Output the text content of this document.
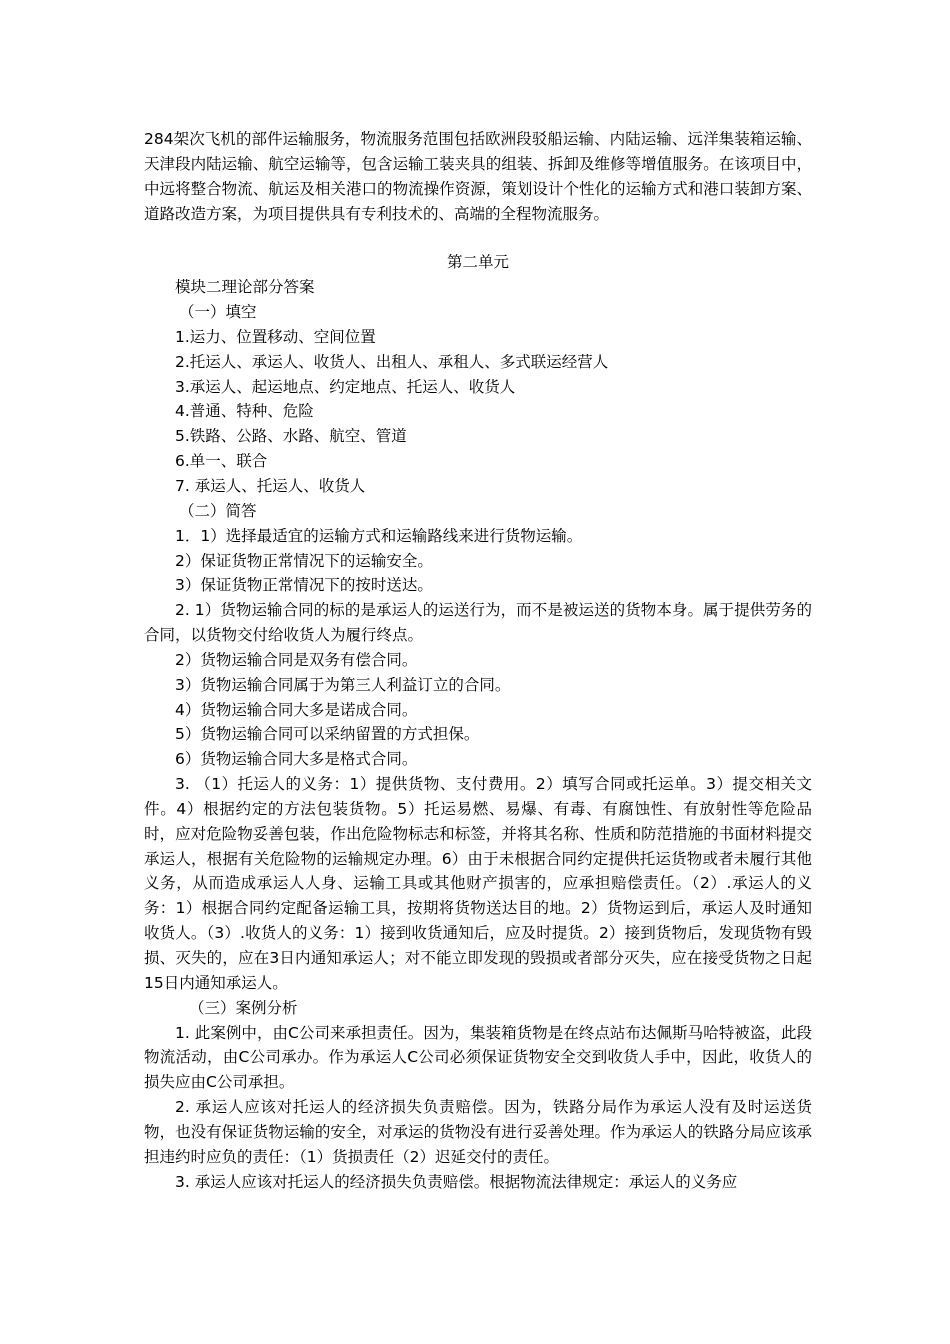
284架次飞机的部件运输服务，物流服务范围包括欧洲段驳船运输、内陆运输、远洋集装箱运输、天津段内陆运输、航空运输等，包含运输工装夹具的组装、拆卸及维修等增值服务。在该项目中，中远将整合物流、航运及相关港口的物流操作资源，策划设计个性化的运输方式和港口装卸方案、道路改造方案，为项目提供具有专利技术的、高端的全程物流服务。

第二单元

模块二理论部分答案

（一）填空

1.运力、位置移动、空间位置

2.托运人、承运人、收货人、出租人、承租人、多式联运经营人

3.承运人、起运地点、约定地点、托运人、收货人

4.普通、特种、危险

5.铁路、公路、水路、航空、管道

6.单一、联合

7. 承运人、托运人、收货人

（二）简答

1．1）选择最适宜的运输方式和运输路线来进行货物运输。

2）保证货物正常情况下的运输安全。

3）保证货物正常情况下的按时送达。

2. 1）货物运输合同的标的是承运人的运送行为，而不是被运送的货物本身。属于提供劳务的合同，以货物交付给收货人为履行终点。

2）货物运输合同是双务有偿合同。

3）货物运输合同属于为第三人利益订立的合同。

4）货物运输合同大多是诺成合同。

5）货物运输合同可以采纳留置的方式担保。

6）货物运输合同大多是格式合同。

3. （1）托运人的义务：1）提供货物、支付费用。2）填写合同或托运单。3）提交相关文件。4）根据约定的方法包装货物。5）托运易燃、易爆、有毒、有腐蚀性、有放射性等危险品时，应对危险物妥善包装，作出危险物标志和标签，并将其名称、性质和防范措施的书面材料提交承运人，根据有关危险物的运输规定办理。6）由于未根据合同约定提供托运货物或者未履行其他义务，从而造成承运人人身、运输工具或其他财产损害的，应承担赔偿责任。（2）.承运人的义务：1）根据合同约定配备运输工具，按期将货物送达目的地。2）货物运到后，承运人及时通知收货人。（3）.收货人的义务：1）接到收货通知后，应及时提货。2）接到货物后，发现货物有毁损、灭失的，应在3日内通知承运人；对不能立即发现的毁损或者部分灭失，应在接受货物之日起15日内通知承运人。

（三）案例分析

1. 此案例中，由C公司来承担责任。因为，集装箱货物是在终点站布达佩斯马哈特被盗，此段物流活动，由C公司承办。作为承运人C公司必须保证货物安全交到收货人手中，因此，收货人的损失应由C公司承担。

2. 承运人应该对托运人的经济损失负责赔偿。因为，铁路分局作为承运人没有及时运送货物，也没有保证货物运输的安全，对承运的货物没有进行妥善处理。作为承运人的铁路分局应该承担违约时应负的责任：（1）货损责任（2）迟延交付的责任。

3. 承运人应该对托运人的经济损失负责赔偿。根据物流法律规定：承运人的义务应
